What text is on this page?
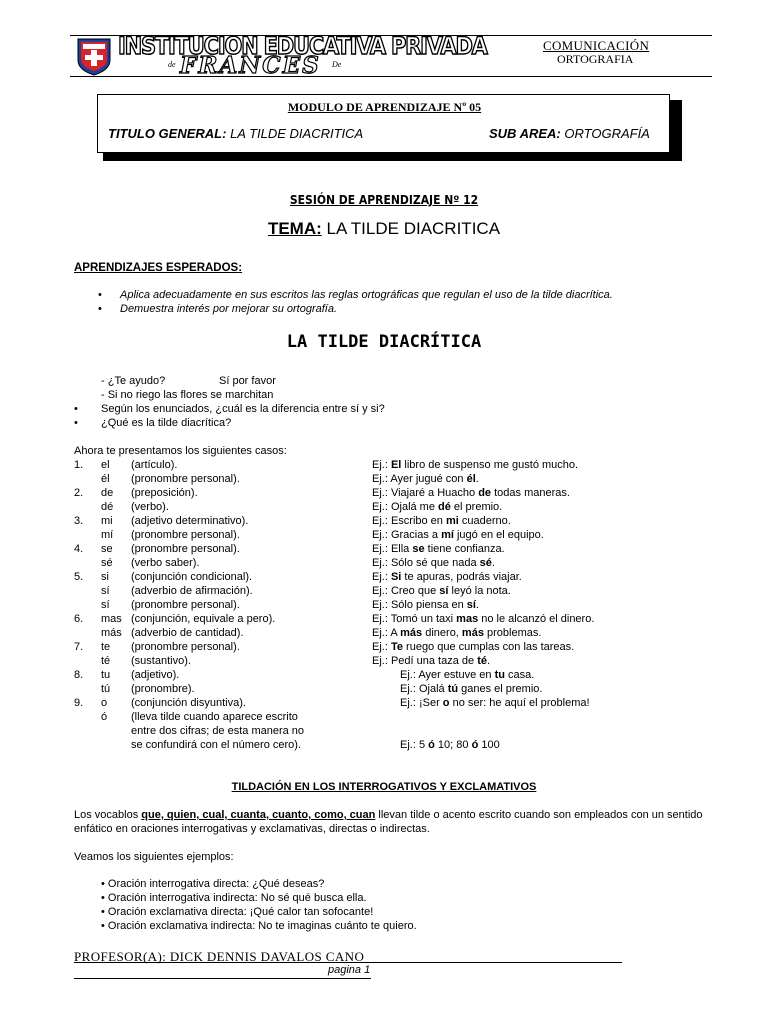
INSTITUCION EDUCATIVA PRIVADA
de FRANCES De
COMUNICACIÓN
ORTOGRAFIA
MODULO DE APRENDIZAJE Nº 05
TITULO GENERAL: LA TILDE DIACRITICA	SUB AREA: ORTOGRAFÍA
SESIÓN DE APRENDIZAJE Nº 12
TEMA: LA TILDE DIACRITICA
APRENDIZAJES ESPERADOS:
• Aplica adecuadamente en sus escritos las reglas ortográficas que regulan el uso de la tilde diacrítica.
• Demuestra interés por mejorar su ortografía.
LA TILDE DIACRÍTICA
- ¿Te ayudo?	Sí por favor
- Si no riego las flores se marchitan
• Según los enunciados, ¿cuál es la diferencia entre sí y si?
• ¿Qué es la tilde diacrítica?
Ahora te presentamos los siguientes casos:
1. el (artículo).	Ej.: El libro de suspenso me gustó mucho.
él (pronombre personal).	Ej.: Ayer jugué con él.
2. de (preposición).	Ej.: Viajaré a Huacho de todas maneras.
dé (verbo).	Ej.: Ojalá me dé el premio.
3. mi (adjetivo determinativo).	Ej.: Escribo en mi cuaderno.
mí (pronombre personal).	Ej.: Gracias a mí jugó en el equipo.
4. se (pronombre personal).	Ej.: Ella se tiene confianza.
sé (verbo saber).	Ej.: Sólo sé que nada sé.
5. si (conjunción condicional).	Ej.: Si te apuras, podrás viajar.
sí (adverbio de afirmación).	Ej.: Creo que sí leyó la nota.
sí (pronombre personal).	Ej.: Sólo piensa en sí.
6. mas (conjunción, equivale a pero).	Ej.: Tomó un taxi mas no le alcanzó el dinero.
más (adverbio de cantidad).	Ej.: A más dinero, más problemas.
7. te (pronombre personal).	Ej.: Te ruego que cumplas con las tareas.
té (sustantivo).	Ej.: Pedí una taza de té.
8. tu (adjetivo).	Ej.: Ayer estuve en tu casa.
tú (pronombre).	Ej.: Ojalá tú ganes el premio.
9. o (conjunción disyuntiva).	Ej.: ¡Ser o no ser: he aquí el problema!
ó (lleva tilde cuando aparece escrito
entre dos cifras; de esta manera no
se confundirá con el número cero).	Ej.: 5 ó 10; 80 ó 100
TILDACIÓN EN LOS INTERROGATIVOS Y EXCLAMATIVOS
Los vocablos que, quien, cual, cuanta, cuanto, como, cuan llevan tilde o acento escrito cuando son empleados con un sentido
enfático en oraciones interrogativas y exclamativas, directas o indirectas.
Veamos los siguientes ejemplos:
• Oración interrogativa directa: ¿Qué deseas?
• Oración interrogativa indirecta: No sé qué busca ella.
• Oración exclamativa directa: ¡Qué calor tan sofocante!
• Oración exclamativa indirecta: No te imaginas cuánto te quiero.
PROFESOR(A): DICK DENNIS DAVALOS CANO
pagina 1
